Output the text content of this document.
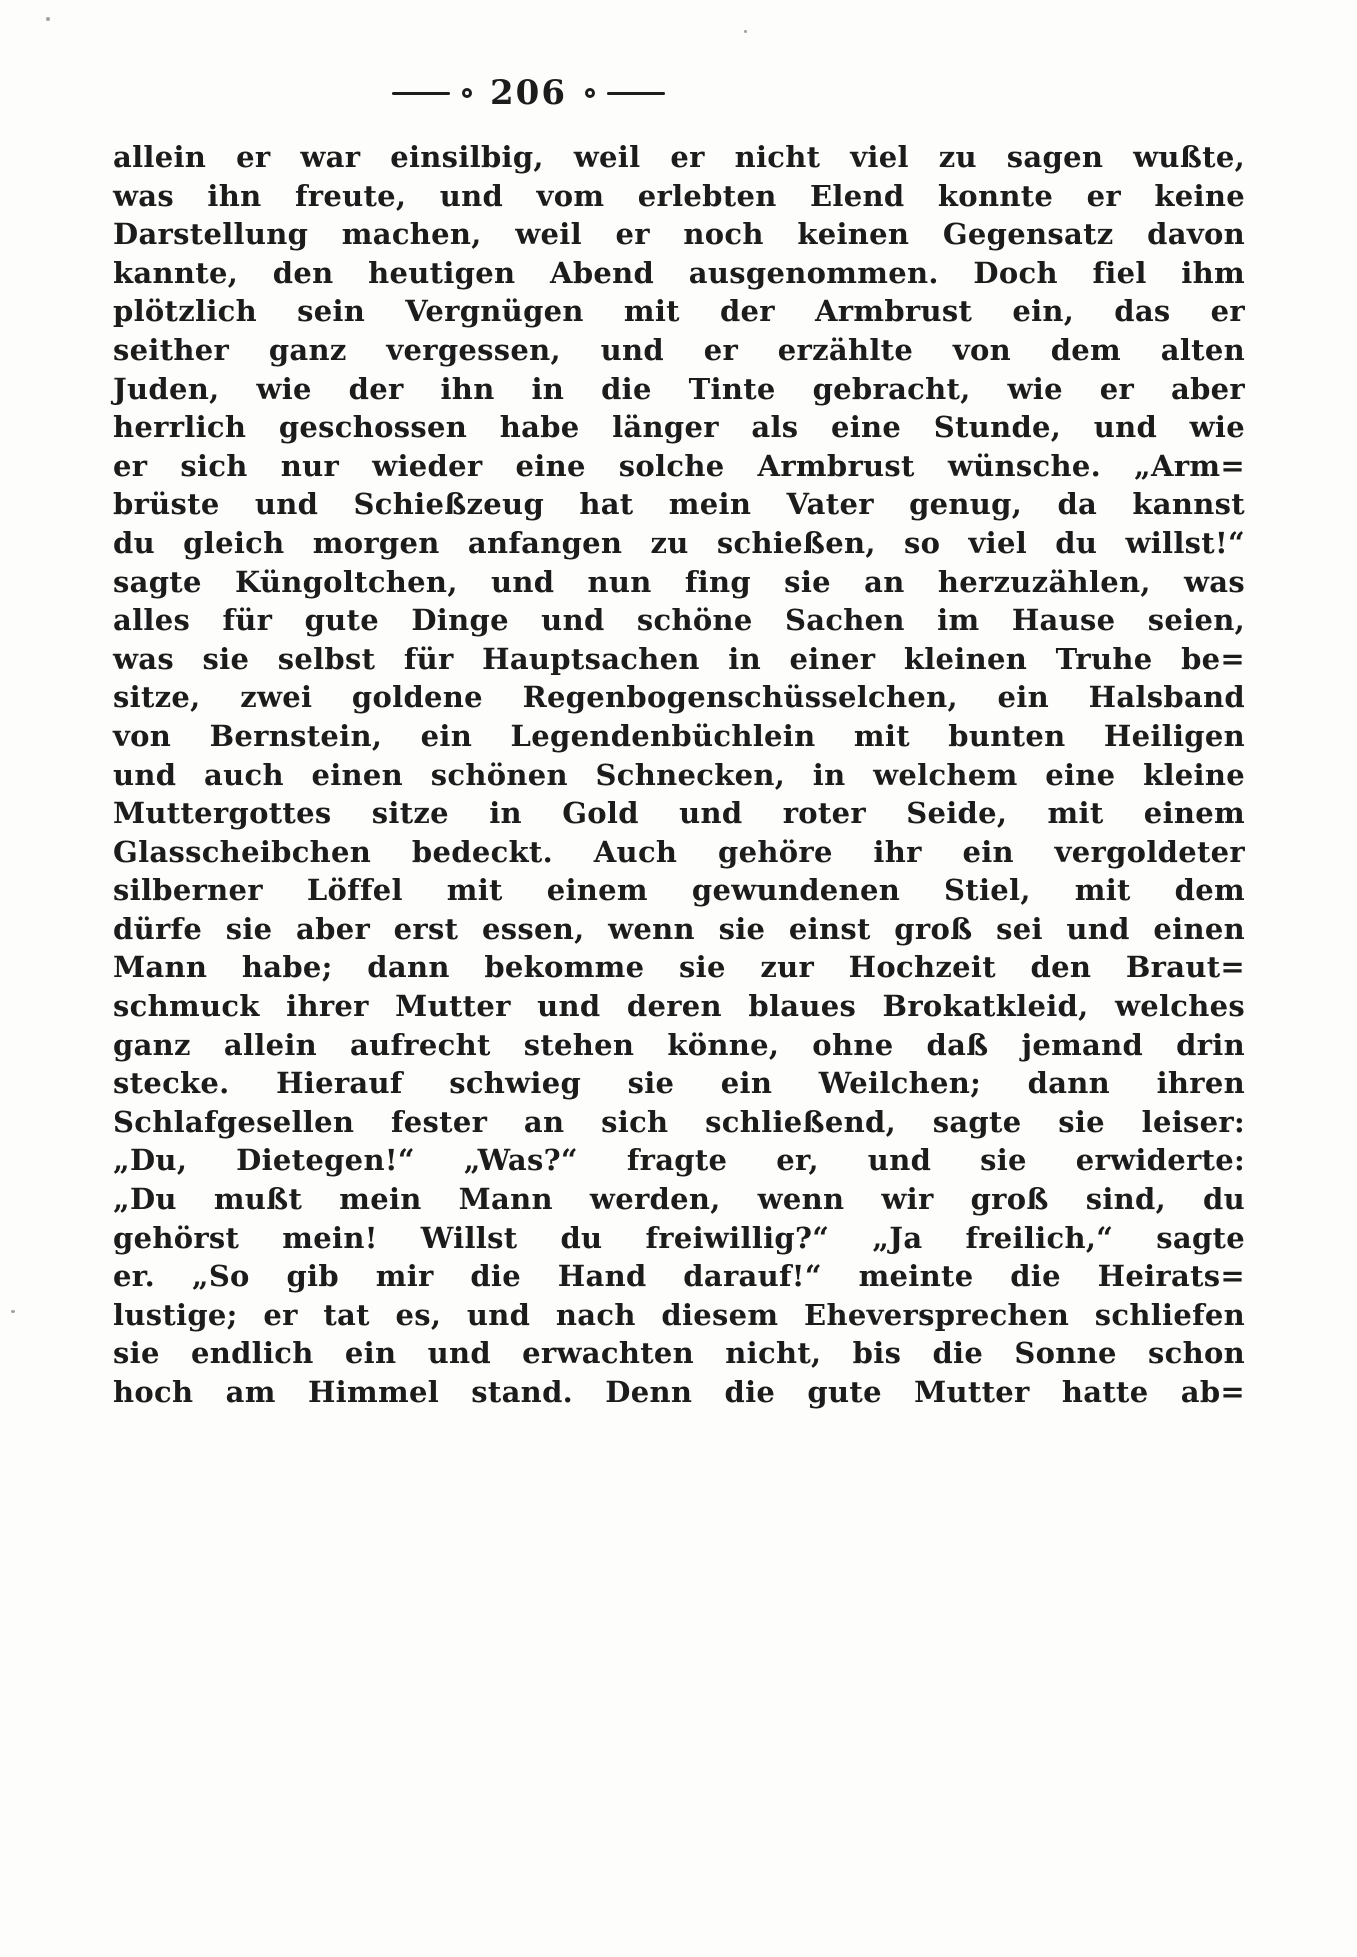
206
allein er war einsilbig, weil er nicht viel zu sagen wußte,
was ihn freute, und vom erlebten Elend konnte er keine
Darstellung machen, weil er noch keinen Gegensatz davon
kannte, den heutigen Abend ausgenommen. Doch fiel ihm
plötzlich sein Vergnügen mit der Armbrust ein, das er
seither ganz vergessen, und er erzählte von dem alten
Juden, wie der ihn in die Tinte gebracht, wie er aber
herrlich geschossen habe länger als eine Stunde, und wie
er sich nur wieder eine solche Armbrust wünsche. „Arm=
brüste und Schießzeug hat mein Vater genug, da kannst
du gleich morgen anfangen zu schießen, so viel du willst!“
sagte Küngoltchen, und nun fing sie an herzuzählen, was
alles für gute Dinge und schöne Sachen im Hause seien,
was sie selbst für Hauptsachen in einer kleinen Truhe be=
sitze, zwei goldene Regenbogenschüsselchen, ein Halsband
von Bernstein, ein Legendenbüchlein mit bunten Heiligen
und auch einen schönen Schnecken, in welchem eine kleine
Muttergottes sitze in Gold und roter Seide, mit einem
Glasscheibchen bedeckt. Auch gehöre ihr ein vergoldeter
silberner Löffel mit einem gewundenen Stiel, mit dem
dürfe sie aber erst essen, wenn sie einst groß sei und einen
Mann habe; dann bekomme sie zur Hochzeit den Braut=
schmuck ihrer Mutter und deren blaues Brokatkleid, welches
ganz allein aufrecht stehen könne, ohne daß jemand drin
stecke. Hierauf schwieg sie ein Weilchen; dann ihren
Schlafgesellen fester an sich schließend, sagte sie leiser:
„Du, Dietegen!“ „Was?“ fragte er, und sie erwiderte:
„Du mußt mein Mann werden, wenn wir groß sind, du
gehörst mein! Willst du freiwillig?“ „Ja freilich,“ sagte
er. „So gib mir die Hand darauf!“ meinte die Heirats=
lustige; er tat es, und nach diesem Eheversprechen schliefen
sie endlich ein und erwachten nicht, bis die Sonne schon
hoch am Himmel stand. Denn die gute Mutter hatte ab=
